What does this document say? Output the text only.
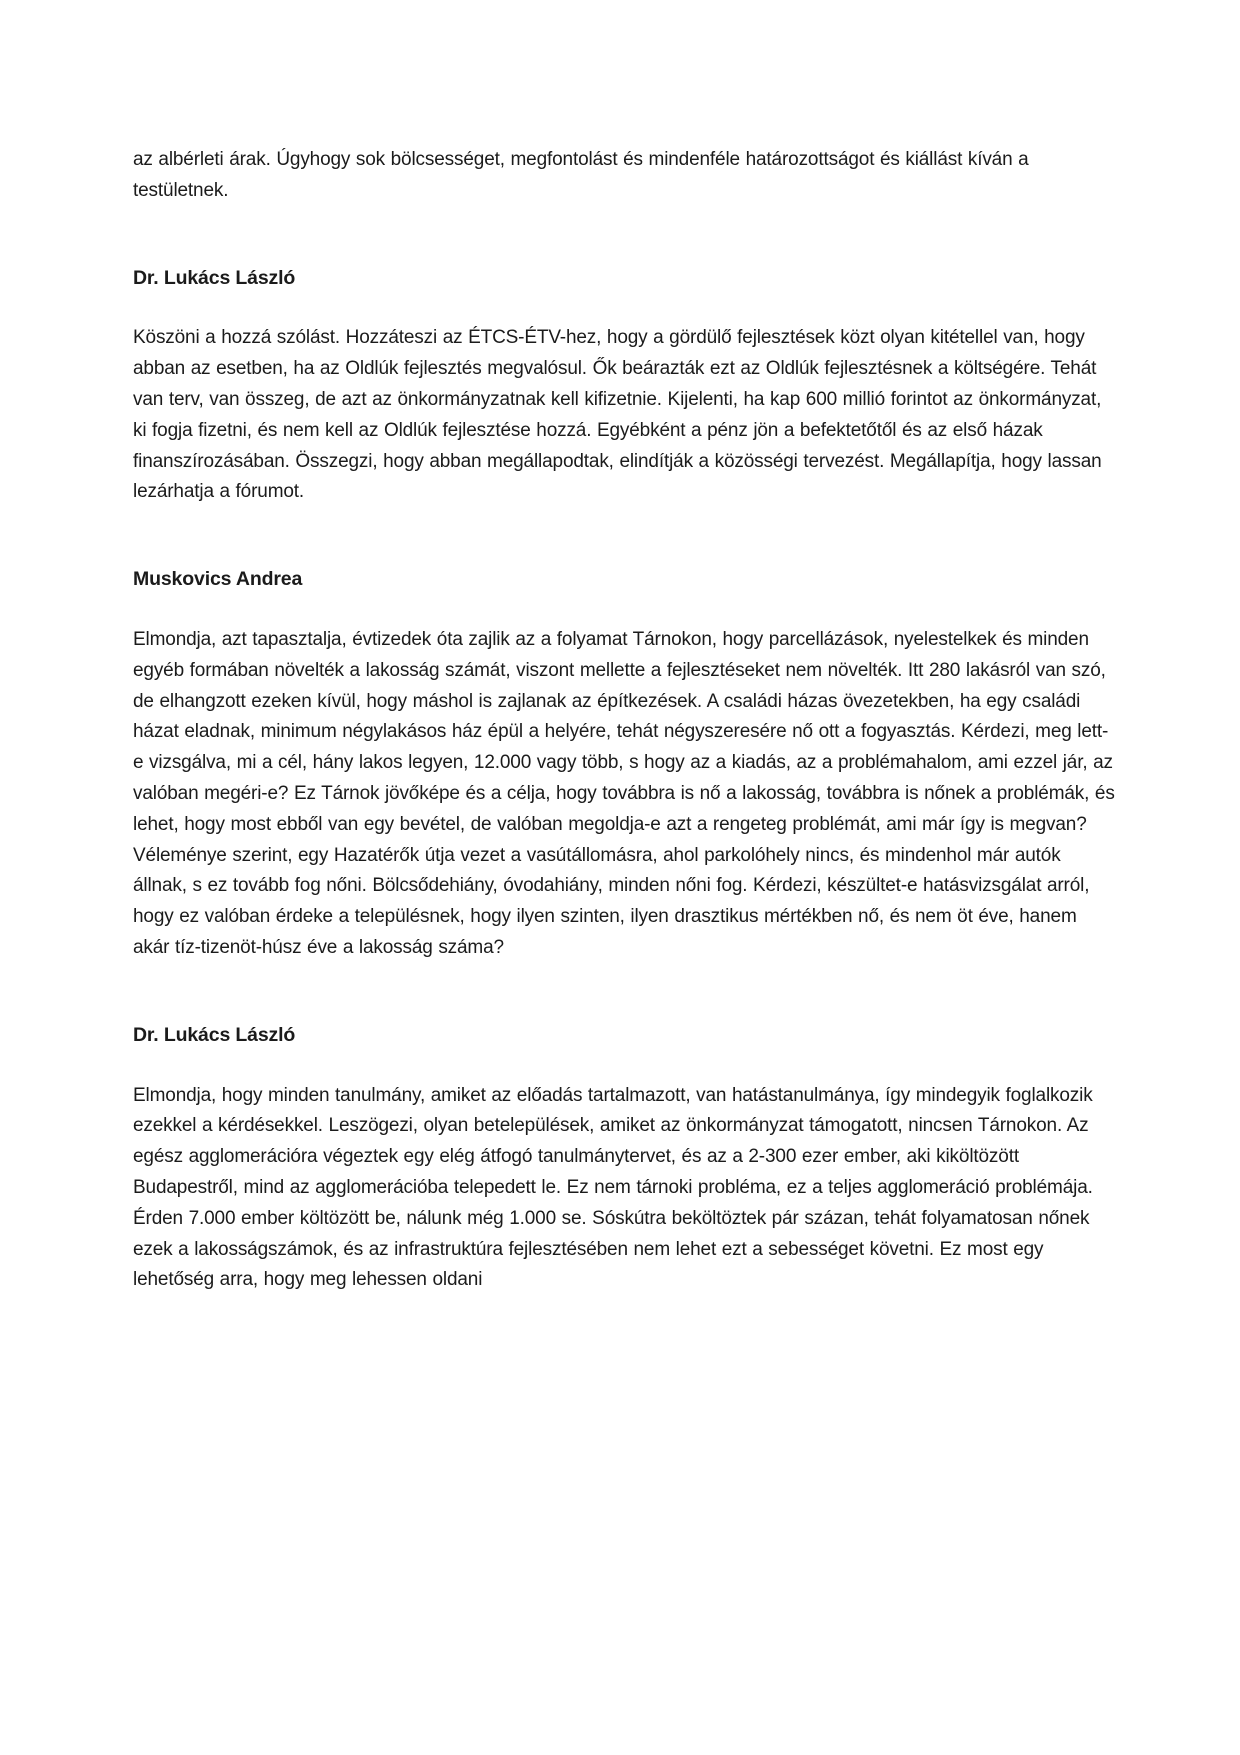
az albérleti árak. Úgyhogy sok bölcsességet, megfontolást és mindenféle határozottságot és kiállást kíván a testületnek.

Dr. Lukács László

Köszöni a hozzá szólást. Hozzáteszi az ÉTCS-ÉTV-hez, hogy a gördülő fejlesztések közt olyan kitétellel van, hogy abban az esetben, ha az Oldlúk fejlesztés megvalósul. Ők beárazták ezt az Oldlúk fejlesztésnek a költségére. Tehát van terv, van összeg, de azt az önkormányzatnak kell kifizetnie. Kijelenti, ha kap 600 millió forintot az önkormányzat, ki fogja fizetni, és nem kell az Oldlúk fejlesztése hozzá. Egyébként a pénz jön a befektetőtől és az első házak finanszírozásában. Összegzi, hogy abban megállapodtak, elindítják a közösségi tervezést. Megállapítja, hogy lassan lezárhatja a fórumot.

Muskovics Andrea

Elmondja, azt tapasztalja, évtizedek óta zajlik az a folyamat Tárnokon, hogy parcellázások, nyelestelkek és minden egyéb formában növelték a lakosság számát, viszont mellette a fejlesztéseket nem növelték. Itt 280 lakásról van szó, de elhangzott ezeken kívül, hogy máshol is zajlanak az építkezések. A családi házas övezetekben, ha egy családi házat eladnak, minimum négylakásos ház épül a helyére, tehát négyszeresére nő ott a fogyasztás. Kérdezi, meg lett-e vizsgálva, mi a cél, hány lakos legyen, 12.000 vagy több, s hogy az a kiadás, az a problémahalom, ami ezzel jár, az valóban megéri-e? Ez Tárnok jövőképe és a célja, hogy továbbra is nő a lakosság, továbbra is nőnek a problémák, és lehet, hogy most ebből van egy bevétel, de valóban megoldja-e azt a rengeteg problémát, ami már így is megvan? Véleménye szerint, egy Hazatérők útja vezet a vasútállomásra, ahol parkolóhely nincs, és mindenhol már autók állnak, s ez tovább fog nőni. Bölcsődehiány, óvodahiány, minden nőni fog. Kérdezi, készültet-e hatásvizsgálat arról, hogy ez valóban érdeke a településnek, hogy ilyen szinten, ilyen drasztikus mértékben nő, és nem öt éve, hanem akár tíz-tizenöt-húsz éve a lakosság száma?

Dr. Lukács László

Elmondja, hogy minden tanulmány, amiket az előadás tartalmazott, van hatástanulmánya, így mindegyik foglalkozik ezekkel a kérdésekkel. Leszögezi, olyan betelepülések, amiket az önkormányzat támogatott, nincsen Tárnokon. Az egész agglomerációra végeztek egy elég átfogó tanulmánytervet, és az a 2-300 ezer ember, aki kiköltözött Budapestről, mind az agglomerációba telepedett le. Ez nem tárnoki probléma, ez a teljes agglomeráció problémája. Érden 7.000 ember költözött be, nálunk még 1.000 se. Sóskútra beköltöztek pár százan, tehát folyamatosan nőnek ezek a lakosságszámok, és az infrastruktúra fejlesztésében nem lehet ezt a sebességet követni. Ez most egy lehetőség arra, hogy meg lehessen oldani
